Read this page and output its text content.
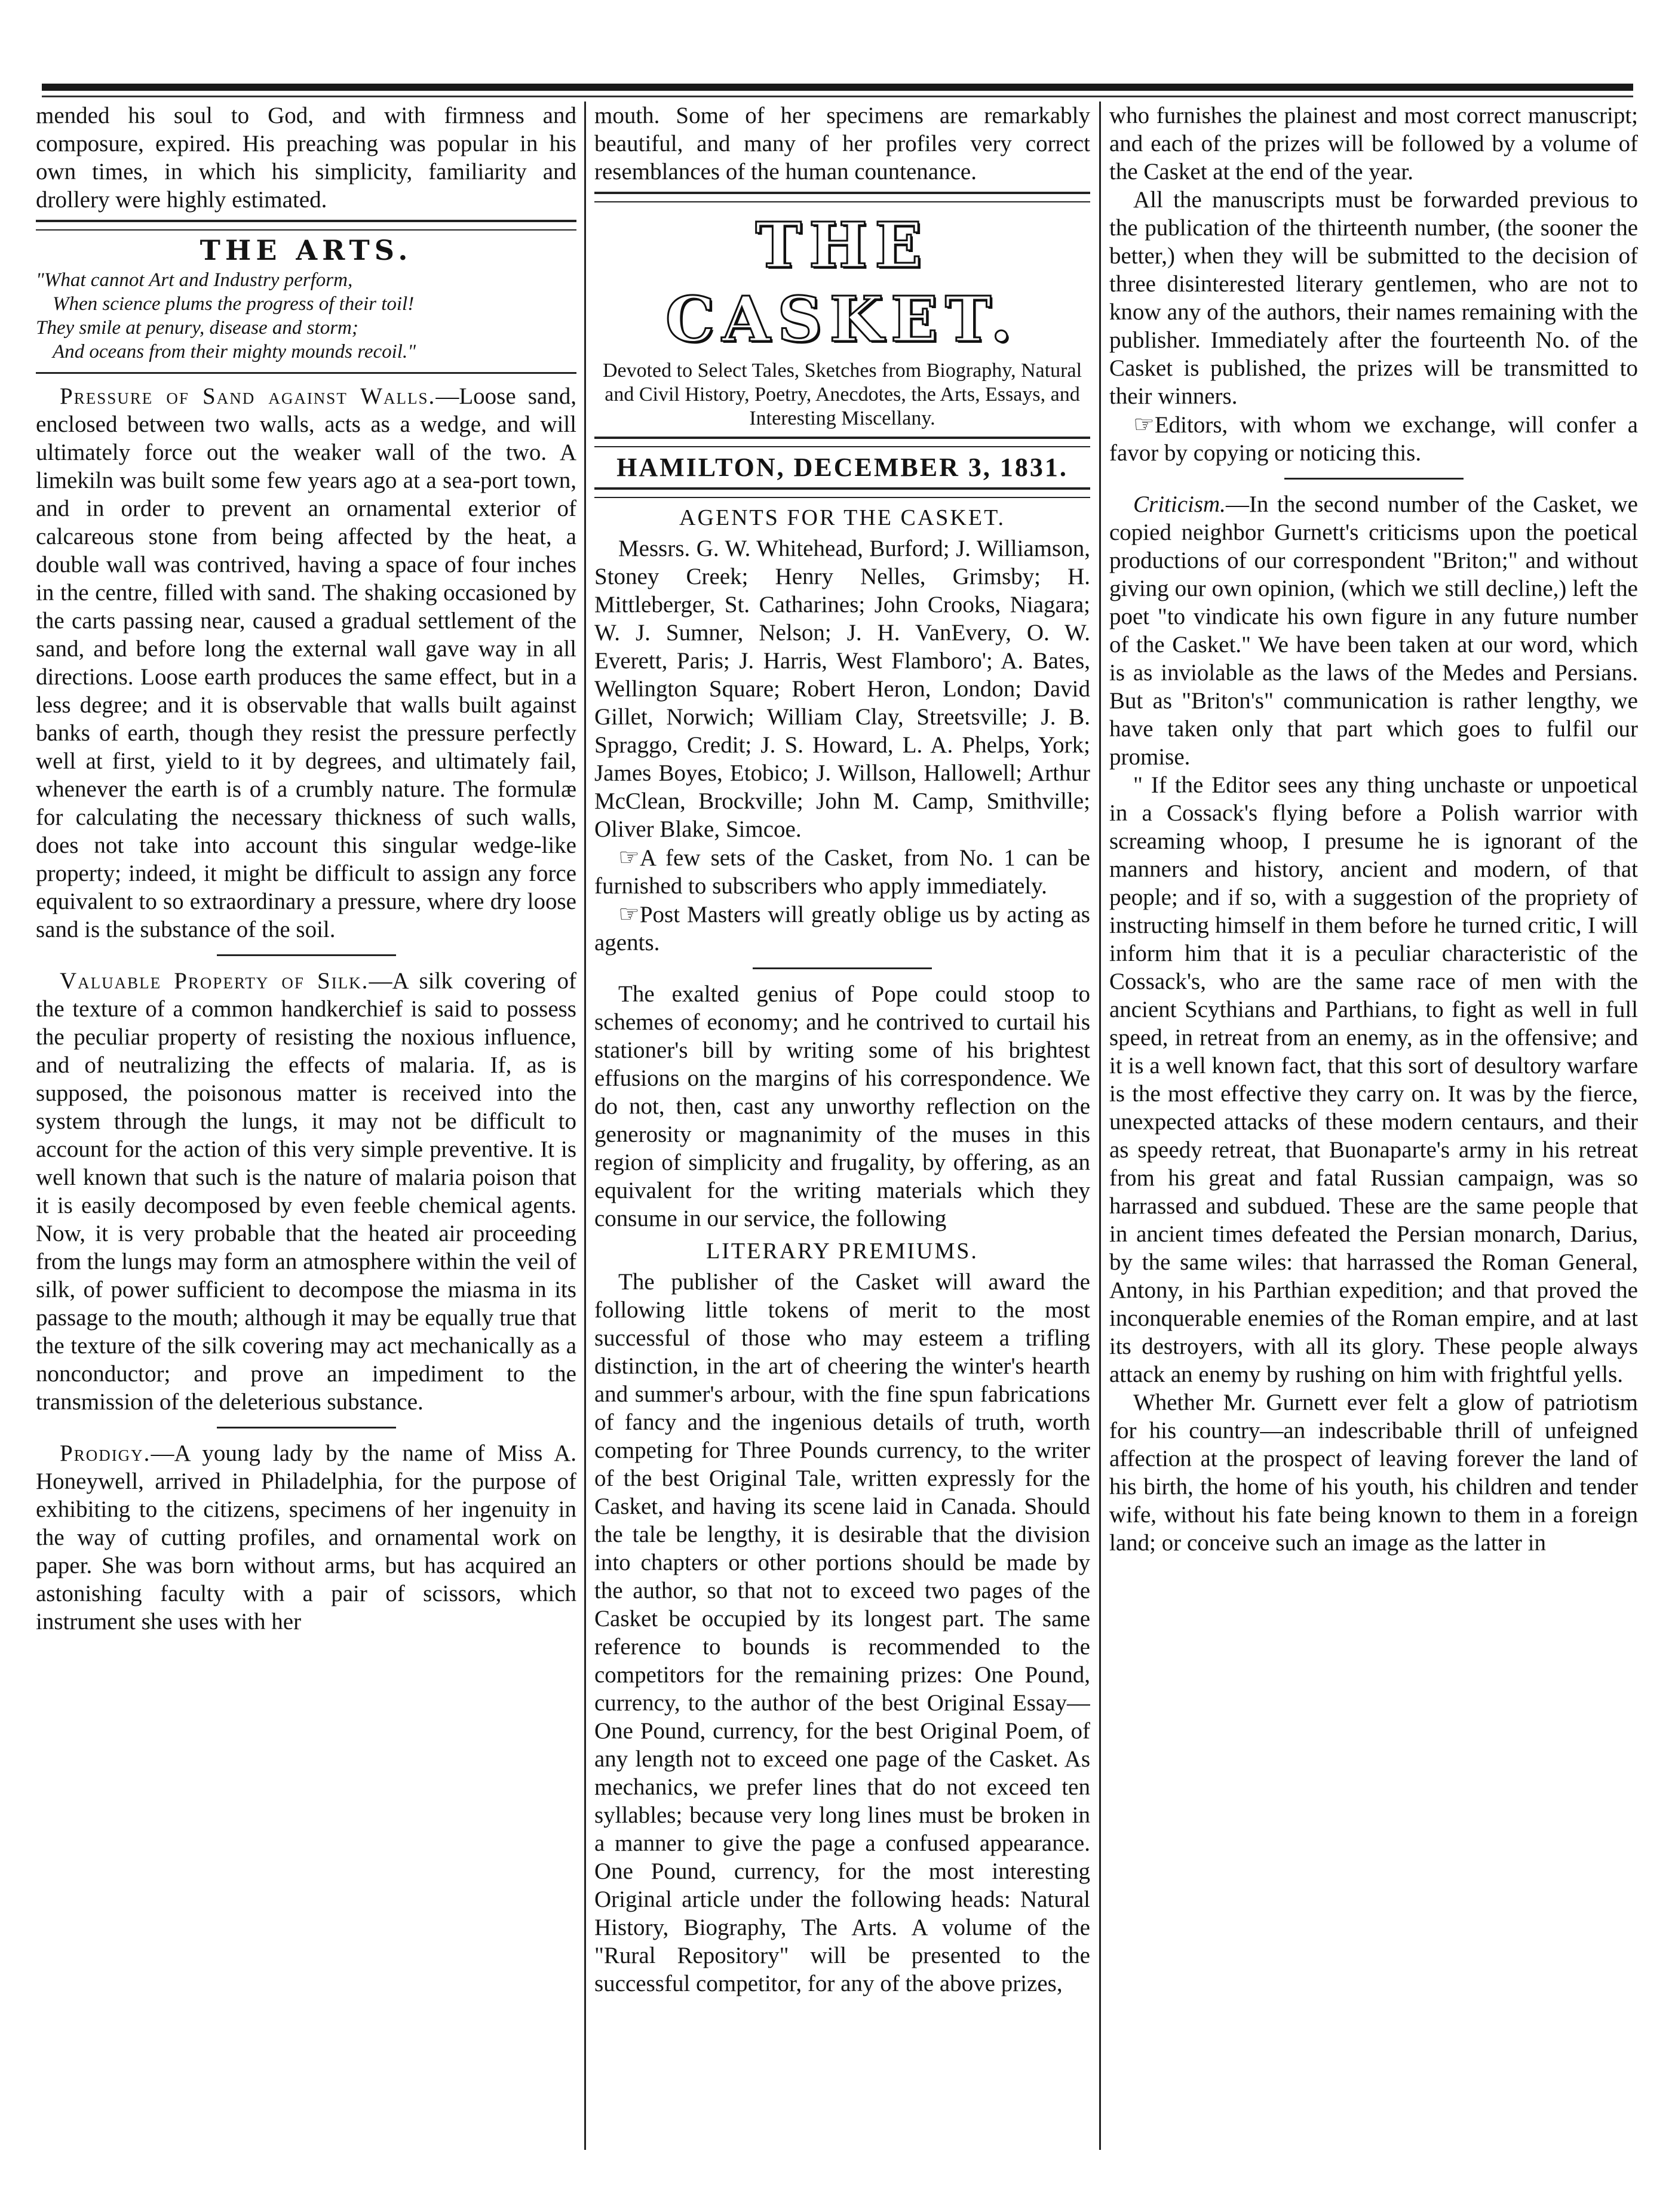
mended his soul to God, and with firmness and composure, expired. His preaching was popular in his own times, in which his simplicity, familiarity and drollery were highly estimated.

THE ARTS.
"What cannot Art and Industry perform,
When science plums the progress of their toil!
They smile at penury, disease and storm;
And oceans from their mighty mounds recoil."

Pressure of Sand against Walls.—Loose sand, enclosed between two walls, acts as a wedge, and will ultimately force out the weaker wall of the two. A limekiln was built some few years ago at a sea-port town, and in order to prevent an ornamental exterior of calcareous stone from being affected by the heat, a double wall was contrived, having a space of four inches in the centre, filled with sand. The shaking occasioned by the carts passing near, caused a gradual settlement of the sand, and before long the external wall gave way in all directions. Loose earth produces the same effect, but in a less degree; and it is observable that walls built against banks of earth, though they resist the pressure perfectly well at first, yield to it by degrees, and ultimately fail, whenever the earth is of a crumbly nature. The formulæ for calculating the necessary thickness of such walls, does not take into account this singular wedge-like property; indeed, it might be difficult to assign any force equivalent to so extraordinary a pressure, where dry loose sand is the substance of the soil.

Valuable Property of Silk.—A silk covering of the texture of a common handkerchief is said to possess the peculiar property of resisting the noxious influence, and of neutralizing the effects of malaria. If, as is supposed, the poisonous matter is received into the system through the lungs, it may not be difficult to account for the action of this very simple preventive. It is well known that such is the nature of malaria poison that it is easily decomposed by even feeble chemical agents. Now, it is very probable that the heated air proceeding from the lungs may form an atmosphere within the veil of silk, of power sufficient to decompose the miasma in its passage to the mouth; although it may be equally true that the texture of the silk covering may act mechanically as a nonconductor; and prove an impediment to the transmission of the deleterious substance.

Prodigy.—A young lady by the name of Miss A. Honeywell, arrived in Philadelphia, for the purpose of exhibiting to the citizens, specimens of her ingenuity in the way of cutting profiles, and ornamental work on paper. She was born without arms, but has acquired an astonishing faculty with a pair of scissors, which instrument she uses with her

mouth. Some of her specimens are remarkably beautiful, and many of her profiles very correct resemblances of the human countenance.

THE CASKET.
Devoted to Select Tales, Sketches from Biography, Natural and Civil History, Poetry, Anecdotes, the Arts, Essays, and Interesting Miscellany.
HAMILTON, DECEMBER 3, 1831.
AGENTS FOR THE CASKET.

Messrs. G. W. Whitehead, Burford; J. Williamson, Stoney Creek; Henry Nelles, Grimsby; H. Mittleberger, St. Catharines; John Crooks, Niagara; W. J. Sumner, Nelson; J. H. VanEvery, O. W. Everett, Paris; J. Harris, West Flamboro'; A. Bates, Wellington Square; Robert Heron, London; David Gillet, Norwich; William Clay, Streetsville; J. B. Spraggo, Credit; J. S. Howard, L. A. Phelps, York; James Boyes, Etobico; J. Willson, Hallowell; Arthur McClean, Brockville; John M. Camp, Smithville; Oliver Blake, Simcoe.

☞A few sets of the Casket, from No. 1 can be furnished to subscribers who apply immediately.

☞Post Masters will greatly oblige us by acting as agents.

The exalted genius of Pope could stoop to schemes of economy; and he contrived to curtail his stationer's bill by writing some of his brightest effusions on the margins of his correspondence. We do not, then, cast any unworthy reflection on the generosity or magnanimity of the muses in this region of simplicity and frugality, by offering, as an equivalent for the writing materials which they consume in our service, the following

LITERARY PREMIUMS.

The publisher of the Casket will award the following little tokens of merit to the most successful of those who may esteem a trifling distinction, in the art of cheering the winter's hearth and summer's arbour, with the fine spun fabrications of fancy and the ingenious details of truth, worth competing for Three Pounds currency, to the writer of the best Original Tale, written expressly for the Casket, and having its scene laid in Canada. Should the tale be lengthy, it is desirable that the division into chapters or other portions should be made by the author, so that not to exceed two pages of the Casket be occupied by its longest part. The same reference to bounds is recommended to the competitors for the remaining prizes: One Pound, currency, to the author of the best Original Essay—One Pound, currency, for the best Original Poem, of any length not to exceed one page of the Casket. As mechanics, we prefer lines that do not exceed ten syllables; because very long lines must be broken in a manner to give the page a confused appearance. One Pound, currency, for the most interesting Original article under the following heads: Natural History, Biography, The Arts. A volume of the "Rural Repository" will be presented to the successful competitor, for any of the above prizes,

who furnishes the plainest and most correct manuscript; and each of the prizes will be followed by a volume of the Casket at the end of the year.

All the manuscripts must be forwarded previous to the publication of the thirteenth number, (the sooner the better,) when they will be submitted to the decision of three disinterested literary gentlemen, who are not to know any of the authors, their names remaining with the publisher. Immediately after the fourteenth No. of the Casket is published, the prizes will be transmitted to their winners.

☞Editors, with whom we exchange, will confer a favor by copying or noticing this.

Criticism.—In the second number of the Casket, we copied neighbor Gurnett's criticisms upon the poetical productions of our correspondent "Briton;" and without giving our own opinion, (which we still decline,) left the poet "to vindicate his own figure in any future number of the Casket." We have been taken at our word, which is as inviolable as the laws of the Medes and Persians. But as "Briton's" communication is rather lengthy, we have taken only that part which goes to fulfil our promise.

" If the Editor sees any thing unchaste or unpoetical in a Cossack's flying before a Polish warrior with screaming whoop, I presume he is ignorant of the manners and history, ancient and modern, of that people; and if so, with a suggestion of the propriety of instructing himself in them before he turned critic, I will inform him that it is a peculiar characteristic of the Cossack's, who are the same race of men with the ancient Scythians and Parthians, to fight as well in full speed, in retreat from an enemy, as in the offensive; and it is a well known fact, that this sort of desultory warfare is the most effective they carry on. It was by the fierce, unexpected attacks of these modern centaurs, and their as speedy retreat, that Buonaparte's army in his retreat from his great and fatal Russian campaign, was so harrassed and subdued. These are the same people that in ancient times defeated the Persian monarch, Darius, by the same wiles: that harrassed the Roman General, Antony, in his Parthian expedition; and that proved the inconquerable enemies of the Roman empire, and at last its destroyers, with all its glory. These people always attack an enemy by rushing on him with frightful yells.

Whether Mr. Gurnett ever felt a glow of patriotism for his country—an indescribable thrill of unfeigned affection at the prospect of leaving forever the land of his birth, the home of his youth, his children and tender wife, without his fate being known to them in a foreign land; or conceive such an image as the latter in
